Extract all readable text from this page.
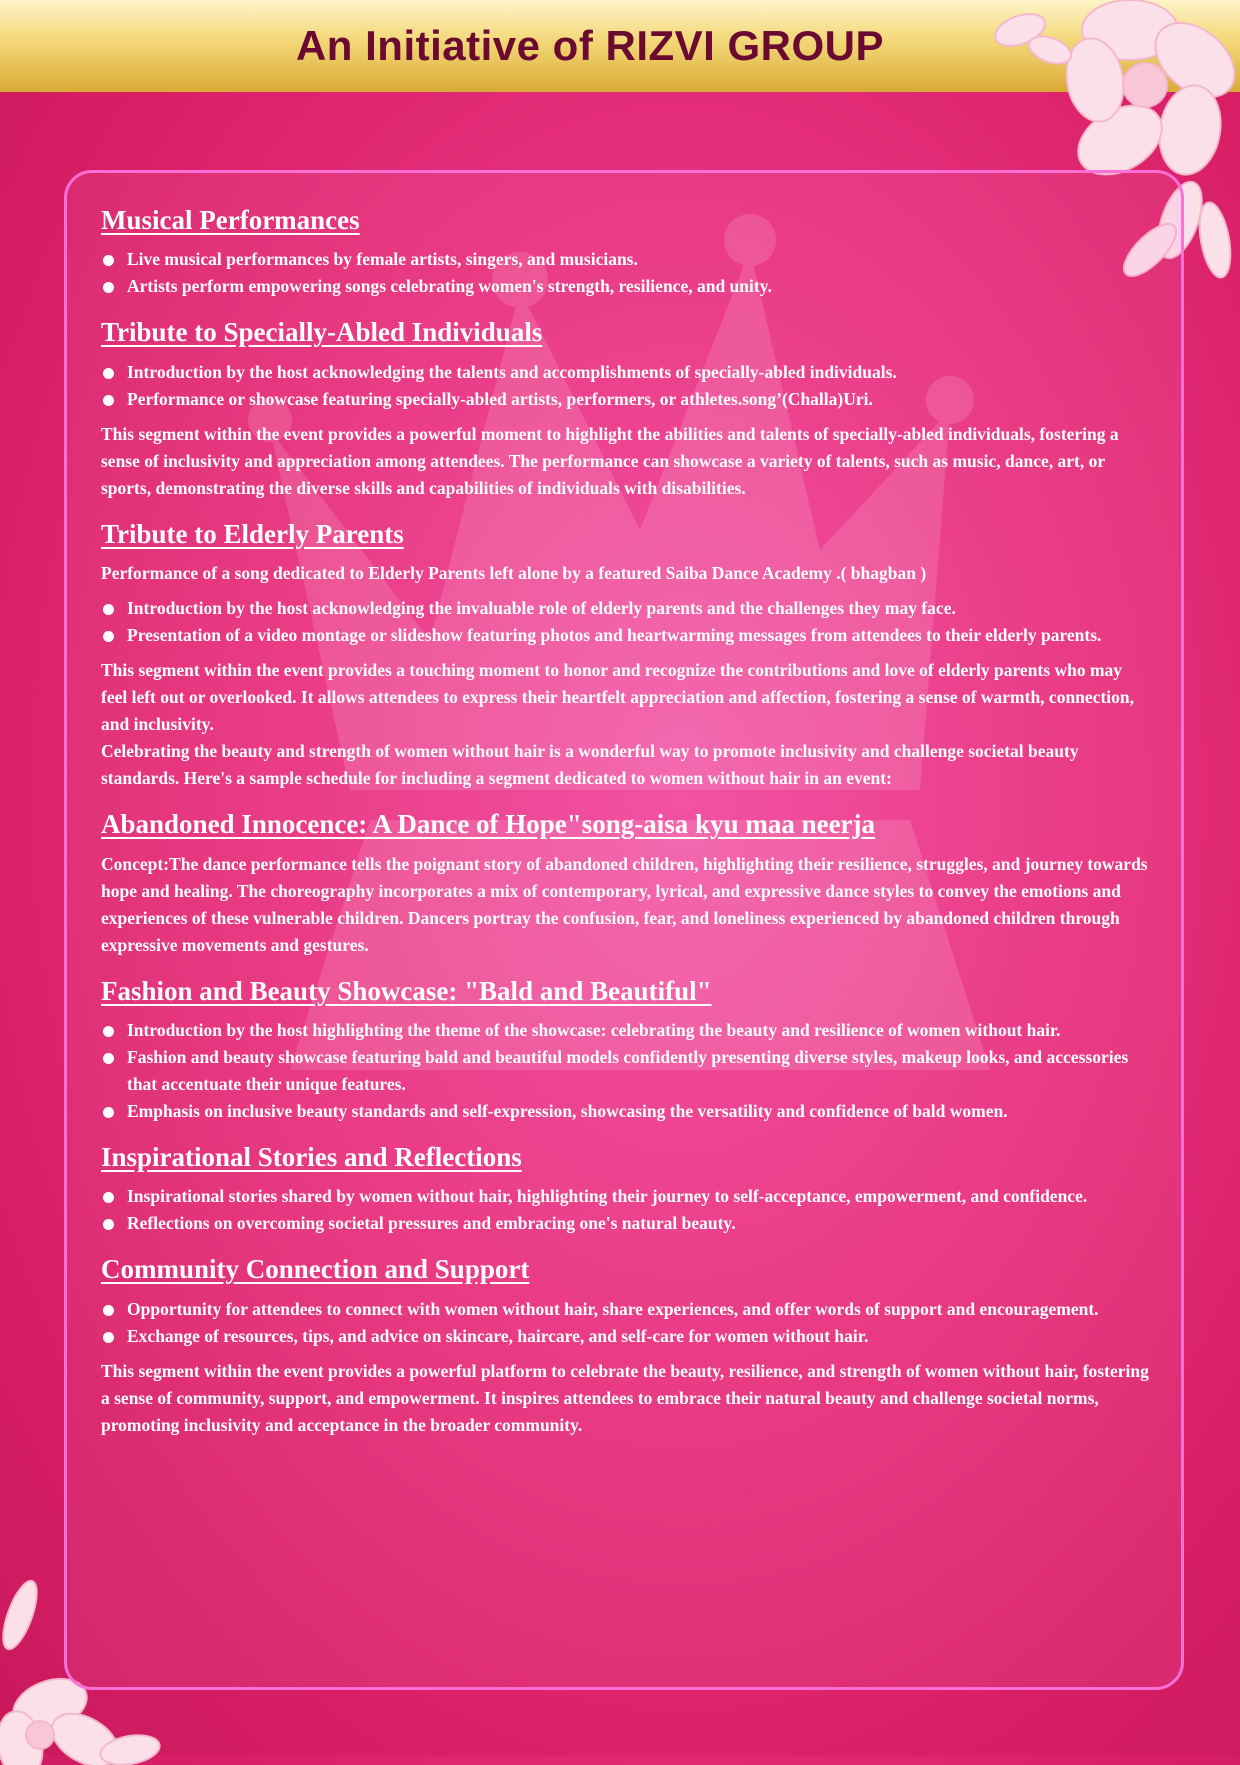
An Initiative of RIZVI GROUP
Musical Performances
Live musical performances by female artists, singers, and musicians.
Artists perform empowering songs celebrating women's strength, resilience, and unity.
Tribute to Specially-Abled Individuals
Introduction by the host acknowledging the talents and accomplishments of specially-abled individuals.
Performance or showcase featuring specially-abled artists, performers, or athletes.song’(Challa)Uri.

This segment within the event provides a powerful moment to highlight the abilities and talents of specially-abled individuals, fostering a sense of inclusivity and appreciation among attendees. The performance can showcase a variety of talents, such as music, dance, art, or sports, demonstrating the diverse skills and capabilities of individuals with disabilities.

Tribute to Elderly Parents

Performance of a song dedicated to Elderly Parents left alone by a featured Saiba Dance Academy .( bhagban )

Introduction by the host acknowledging the invaluable role of elderly parents and the challenges they may face.
Presentation of a video montage or slideshow featuring photos and heartwarming messages from attendees to their elderly parents.

This segment within the event provides a touching moment to honor and recognize the contributions and love of elderly parents who may feel left out or overlooked. It allows attendees to express their heartfelt appreciation and affection, fostering a sense of warmth, connection, and inclusivity.

Celebrating the beauty and strength of women without hair is a wonderful way to promote inclusivity and challenge societal beauty standards. Here's a sample schedule for including a segment dedicated to women without hair in an event:

Abandoned Innocence: A Dance of Hope"song-aisa kyu maa neerja

Concept:The dance performance tells the poignant story of abandoned children, highlighting their resilience, struggles, and journey towards hope and healing. The choreography incorporates a mix of contemporary, lyrical, and expressive dance styles to convey the emotions and experiences of these vulnerable children. Dancers portray the confusion, fear, and loneliness experienced by abandoned children through expressive movements and gestures.

Fashion and Beauty Showcase: "Bald and Beautiful"
Introduction by the host highlighting the theme of the showcase: celebrating the beauty and resilience of women without hair.
Fashion and beauty showcase featuring bald and beautiful models confidently presenting diverse styles, makeup looks, and accessories that accentuate their unique features.
Emphasis on inclusive beauty standards and self-expression, showcasing the versatility and confidence of bald women.
Inspirational Stories and Reflections
Inspirational stories shared by women without hair, highlighting their journey to self-acceptance, empowerment, and confidence.
Reflections on overcoming societal pressures and embracing one's natural beauty.
Community Connection and Support
Opportunity for attendees to connect with women without hair, share experiences, and offer words of support and encouragement.
Exchange of resources, tips, and advice on skincare, haircare, and self-care for women without hair.

This segment within the event provides a powerful platform to celebrate the beauty, resilience, and strength of women without hair, fostering a sense of community, support, and empowerment. It inspires attendees to embrace their natural beauty and challenge societal norms, promoting inclusivity and acceptance in the broader community.
